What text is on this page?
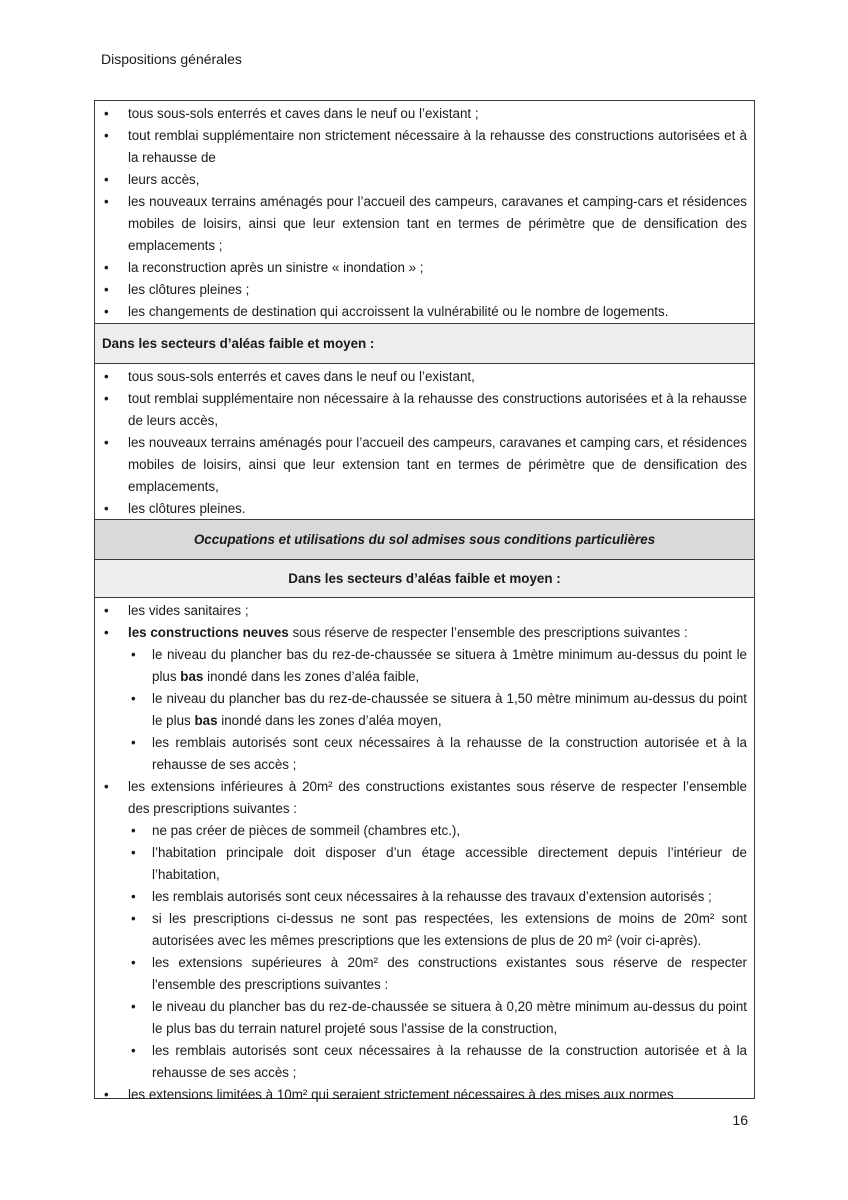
Dispositions générales
• tous sous-sols enterrés et caves dans le neuf ou l’existant ;
• tout remblai supplémentaire non strictement nécessaire à la rehausse des constructions autorisées et à la rehausse de
• leurs accès,
• les nouveaux terrains aménagés pour l’accueil des campeurs, caravanes et camping-cars et résidences mobiles de loisirs, ainsi que leur extension tant en termes de périmètre que de densification des emplacements ;
• la reconstruction après un sinistre « inondation » ;
• les clôtures pleines ;
• les changements de destination qui accroissent la vulnérabilité ou le nombre de logements.
Dans les secteurs d’aléas faible et moyen :
• tous sous-sols enterrés et caves dans le neuf ou l’existant,
• tout remblai supplémentaire non nécessaire à la rehausse des constructions autorisées et à la rehausse de leurs accès,
• les nouveaux terrains aménagés pour l’accueil des campeurs, caravanes et camping cars, et résidences mobiles de loisirs, ainsi que leur extension tant en termes de périmètre que de densification des emplacements,
• les clôtures pleines.
Occupations et utilisations du sol admises sous conditions particulières
Dans les secteurs d’aléas faible et moyen :
• les vides sanitaires ;
• les constructions neuves sous réserve de respecter l’ensemble des prescriptions suivantes :
• le niveau du plancher bas du rez-de-chaussée se situera à 1mètre minimum au-dessus du point le plus bas inondé dans les zones d’aléa faible,
• le niveau du plancher bas du rez-de-chaussée se situera à 1,50 mètre minimum au-dessus du point le plus bas inondé dans les zones d’aléa moyen,
• les remblais autorisés sont ceux nécessaires à la rehausse de la construction autorisée et à la rehausse de ses accès ;
• les extensions inférieures à 20m² des constructions existantes sous réserve de respecter l’ensemble des prescriptions suivantes :
• ne pas créer de pièces de sommeil (chambres etc.),
• l’habitation principale doit disposer d’un étage accessible directement depuis l’intérieur de l’habitation,
• les remblais autorisés sont ceux nécessaires à la rehausse des travaux d’extension autorisés ;
• si les prescriptions ci-dessus ne sont pas respectées, les extensions de moins de 20m² sont autorisées avec les mêmes prescriptions que les extensions de plus de 20 m² (voir ci-après).
• les extensions supérieures à 20m² des constructions existantes sous réserve de respecter l'ensemble des prescriptions suivantes :
• le niveau du plancher bas du rez-de-chaussée se situera à 0,20 mètre minimum au-dessus du point le plus bas du terrain naturel projeté sous l'assise de la construction,
• les remblais autorisés sont ceux nécessaires à la rehausse de la construction autorisée et à la rehausse de ses accès ;
• les extensions limitées à 10m² qui seraient strictement nécessaires à des mises aux normes
16
